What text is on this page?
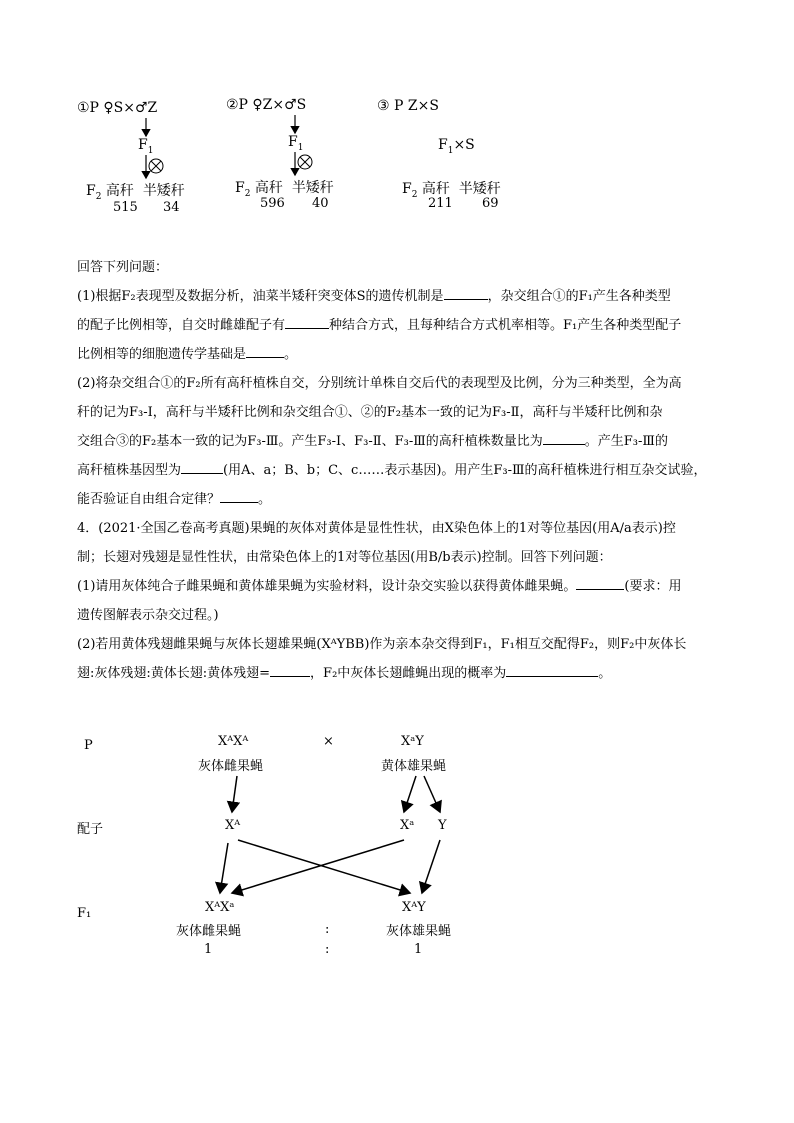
①P ♀S×♂Z
$F_1$
$F_2$ 高秆 半矮秆
515 34
②P ♀Z×♂S
$F_1$
$F_2$ 高秆 半矮秆
596 40
③ P Z×S
$F_1\times S$
$F_2$ 高秆 半矮秆
211 69

回答下列问题：

(1)根据F₂表现型及数据分析，油菜半矮秆突变体S的遗传机制是	，杂交组合①的F₁产生各种类型
的配子比例相等，自交时雌雄配子有	种结合方式，且每种结合方式机率相等。F₁产生各种类型配子
比例相等的细胞遗传学基础是	。

(2)将杂交组合①的F₂所有高秆植株自交，分别统计单株自交后代的表现型及比例，分为三种类型，全为高
秆的记为F₃-Ⅰ，高秆与半矮秆比例和杂交组合①、②的F₂基本一致的记为F₃-Ⅱ，高秆与半矮秆比例和杂
交组合③的F₂基本一致的记为F₃-Ⅲ。产生F₃-Ⅰ、F₃-Ⅱ、F₃-Ⅲ的高秆植株数量比为	。产生F₃-Ⅲ的
高秆植株基因型为	(用A、a；B、b；C、c……表示基因)。用产生F₃-Ⅲ的高秆植株进行相互杂交试验，
能否验证自由组合定律？	。

4．(2021·全国乙卷高考真题)果蝇的灰体对黄体是显性性状，由X染色体上的1对等位基因(用A/a表示)控
制；长翅对残翅是显性性状，由常染色体上的1对等位基因(用B/b表示)控制。回答下列问题：
(1)请用灰体纯合子雌果蝇和黄体雄果蝇为实验材料，设计杂交实验以获得黄体雌果蝇。	(要求：用
遗传图解表示杂交过程。)
(2)若用黄体残翅雌果蝇与灰体长翅雄果蝇(XᴬYBB)作为亲本杂交得到F₁，F₁相互交配得F₂，则F₂中灰体长
翅:灰体残翅:黄体长翅:黄体残翅=	，F₂中灰体长翅雌蝇出现的概率为	。

P
配子
F₁
XᴬXᴬ
灰体雌果蝇
×	XᵃY
黄体雄果蝇
Xᴬ	Xᵃ Y
XᴬXᵃ
灰体雌果蝇
XᴬY
灰体雄果蝇
:
1	:	1
